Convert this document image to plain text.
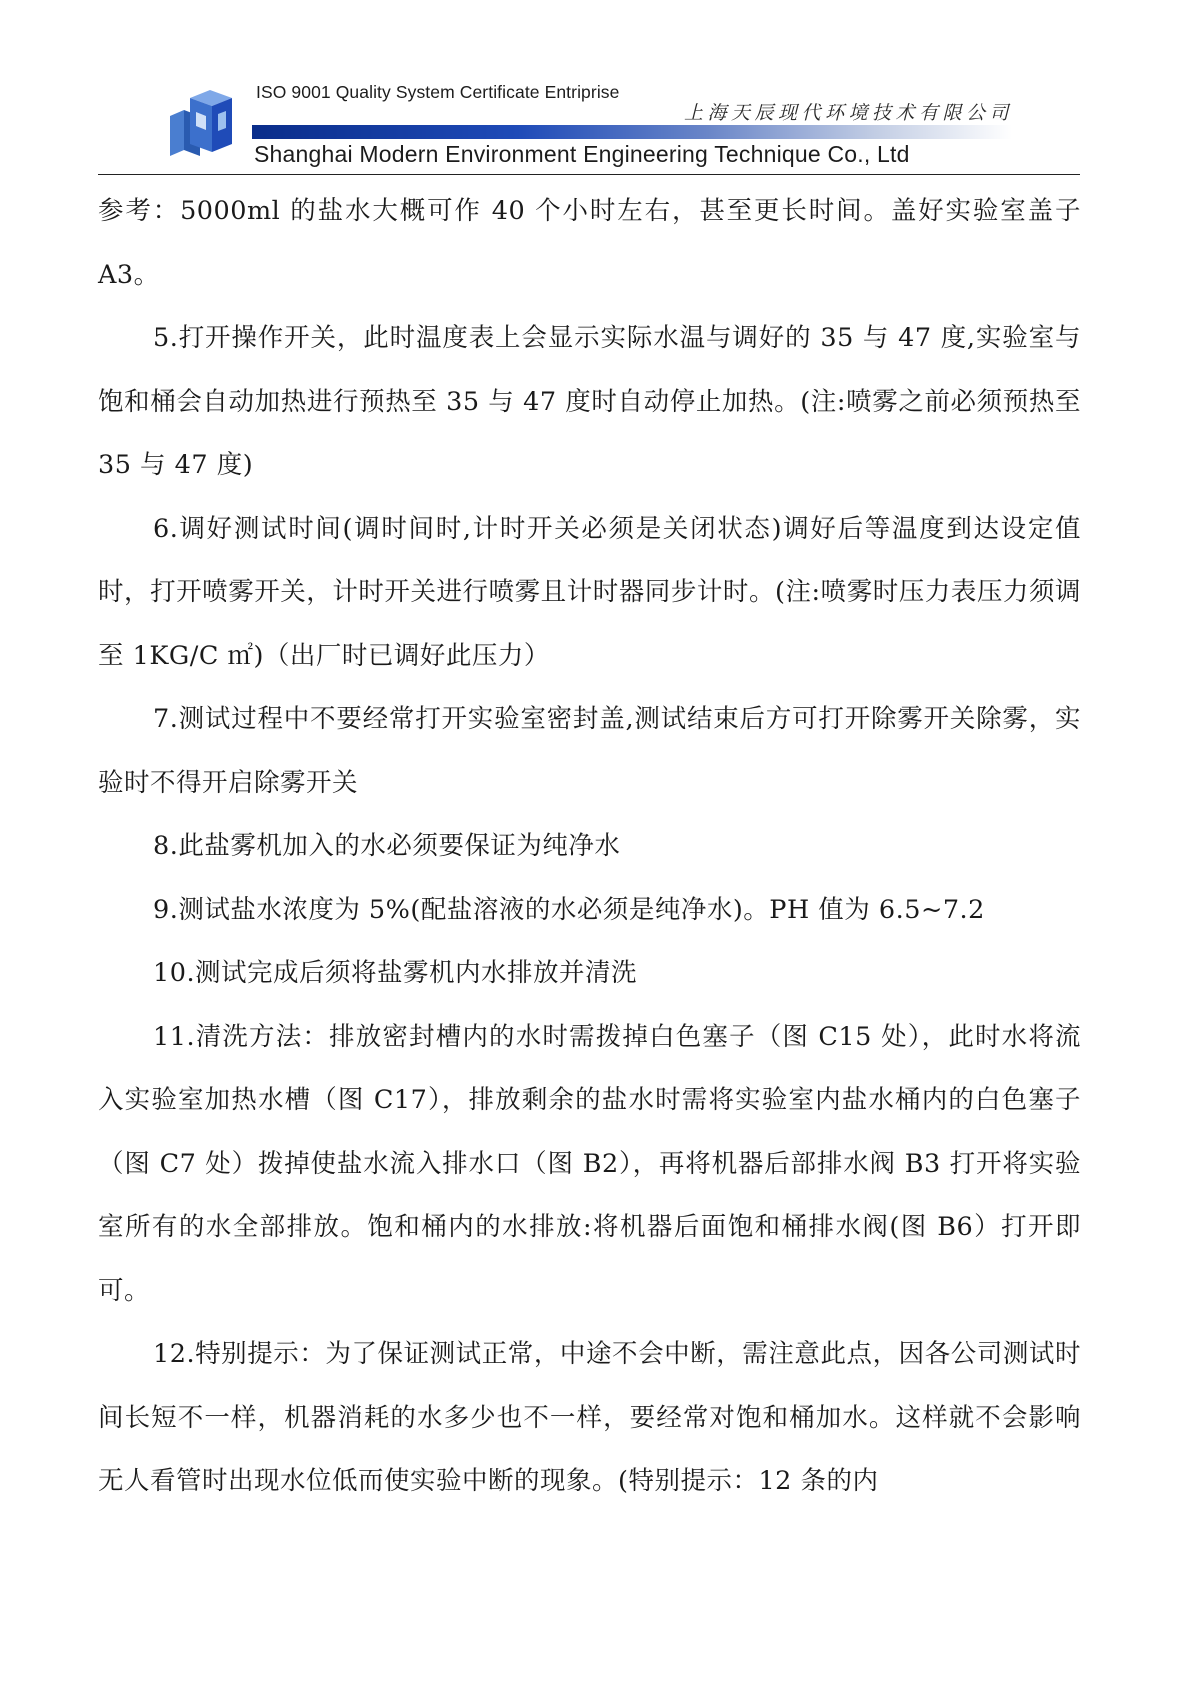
ISO 9001 Quality System Certificate Entriprise
上海天辰现代环境技术有限公司
Shanghai Modern Environment Engineering Technique Co., Ltd

参考：5000ml 的盐水大概可作 40 个小时左右，甚至更长时间。盖好实验室盖子 A3。

5.打开操作开关，此时温度表上会显示实际水温与调好的 35 与 47 度,实验室与饱和桶会自动加热进行预热至 35 与 47 度时自动停止加热。(注:喷雾之前必须预热至 35 与 47 度)

6.调好测试时间(调时间时,计时开关必须是关闭状态)调好后等温度到达设定值时，打开喷雾开关，计时开关进行喷雾且计时器同步计时。(注:喷雾时压力表压力须调至 1KG/C ㎡)（出厂时已调好此压力）

7.测试过程中不要经常打开实验室密封盖,测试结束后方可打开除雾开关除雾，实验时不得开启除雾开关

8.此盐雾机加入的水必须要保证为纯净水

9.测试盐水浓度为 5%(配盐溶液的水必须是纯净水)。PH 值为 6.5~7.2

10.测试完成后须将盐雾机内水排放并清洗

11.清洗方法：排放密封槽内的水时需拨掉白色塞子（图 C15 处），此时水将流入实验室加热水槽（图 C17），排放剩余的盐水时需将实验室内盐水桶内的白色塞子（图 C7 处）拨掉使盐水流入排水口（图 B2），再将机器后部排水阀 B3 打开将实验室所有的水全部排放。饱和桶内的水排放:将机器后面饱和桶排水阀(图 B6）打开即可。

12.特别提示：为了保证测试正常，中途不会中断，需注意此点，因各公司测试时间长短不一样，机器消耗的水多少也不一样，要经常对饱和桶加水。这样就不会影响无人看管时出现水位低而使实验中断的现象。(特别提示：12 条的内
